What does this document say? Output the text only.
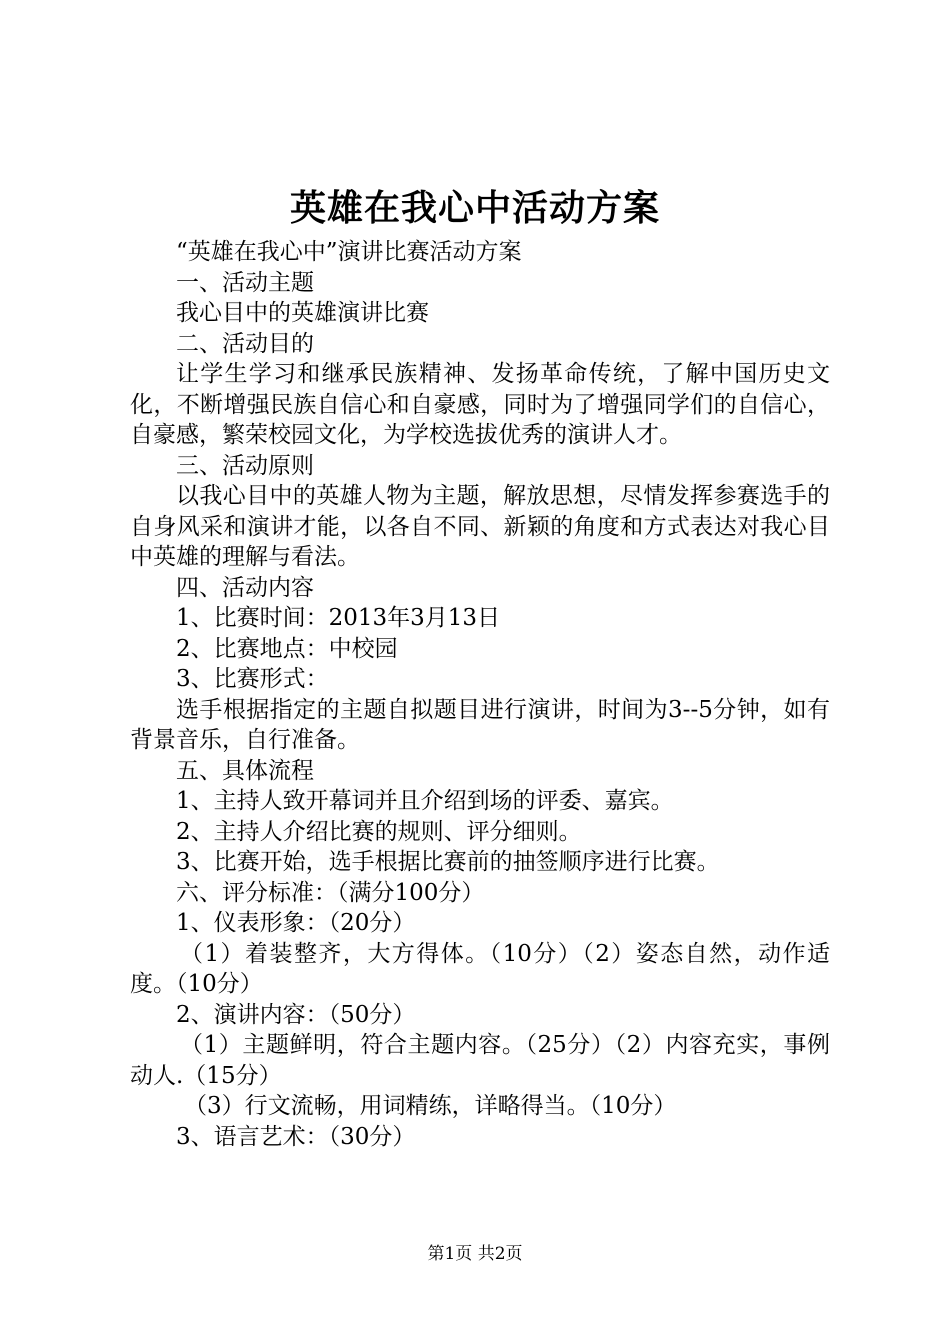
英雄在我心中活动方案

“英雄在我心中”演讲比赛活动方案

一、活动主题

我心目中的英雄演讲比赛

二、活动目的

让学生学习和继承民族精神、发扬革命传统，了解中国历史文化，不断增强民族自信心和自豪感，同时为了增强同学们的自信心，自豪感，繁荣校园文化，为学校选拔优秀的演讲人才。

三、活动原则

以我心目中的英雄人物为主题，解放思想，尽情发挥参赛选手的自身风采和演讲才能，以各自不同、新颖的角度和方式表达对我心目中英雄的理解与看法。

四、活动内容

1、比赛时间：2013年3月13日

2、比赛地点：中校园

3、比赛形式：

选手根据指定的主题自拟题目进行演讲，时间为3--5分钟，如有背景音乐，自行准备。

五、具体流程

1、主持人致开幕词并且介绍到场的评委、嘉宾。

2、主持人介绍比赛的规则、评分细则。

3、比赛开始，选手根据比赛前的抽签顺序进行比赛。

六、评分标准：（满分100分）

1、仪表形象：（20分）

（1）着装整齐，大方得体。（10分）（2）姿态自然，动作适度。（10分）

2、演讲内容：（50分）

（1）主题鲜明，符合主题内容。（25分）（2）内容充实，事例动人.（15分）

（3）行文流畅，用词精练，详略得当。（10分）

3、语言艺术：（30分）

第1页 共2页
